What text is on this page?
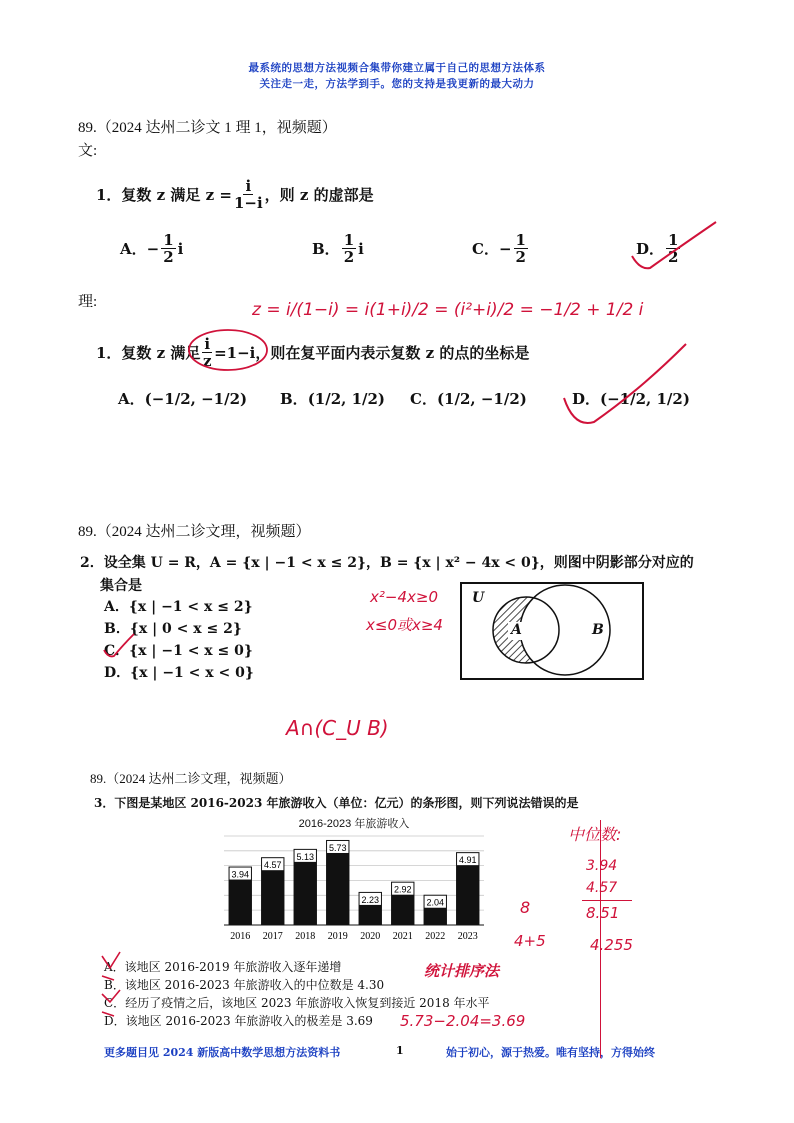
最系统的思想方法视频合集带你建立属于自己的思想方法体系
关注走一走，方法学到手。您的支持是我更新的最大动力
89.（2024 达州二诊文 1 理 1，视频题）
文:
1．复数 z 满足 $z = \frac{i}{1-i}$ ，则 z 的虚部是
A． − $\frac{1}{2}$ i	B． $\frac{1}{2}$ i	C． − $\frac{1}{2}$	D． $\frac{1}{2}$
理:	z = i/(1−i) = i(1+i)/2 = (i²+i)/2 = −1/2 + 1/2 i
1．复数 z 满足 $\frac{i}{z} =1-i$，则在复平面内表示复数 z 的点的坐标是
A．(−1/2, −1/2) B．(1/2, 1/2) C．(1/2, −1/2)	D．(−1/2, 1/2)
89.（2024 达州二诊文理，视频题）
2．设全集 U = R，A = {x | −1 < x ≤ 2}，B = {x | x² − 4x < 0}，则图中阴影部分对应的
集合是
A．{x | −1 < x ≤ 2}
B．{x | 0 < x ≤ 2}
C．{x | −1 < x ≤ 0}
D．{x | −1 < x < 0}
x²−4x≥0
x≤0或x≥4
A∩(C_U B)
U
A	B
89.（2024 达州二诊文理，视频题）
3．下图是某地区 2016-2023 年旅游收入（单位：亿元）的条形图，则下列说法错误的是
2016-2023 年旅游收入
3.94
2016
4.57
2017
5.13
2018
5.73
2019
2.23
2020
2.92
2021
2.04
2022
4.91
2023
中位数:
3.94
4.57
8.51
4.255
8
4+5
A．该地区 2016-2019 年旅游收入逐年递增
B．该地区 2016-2023 年旅游收入的中位数是 4.30
C．经历了疫情之后，该地区 2023 年旅游收入恢复到接近 2018 年水平
D．该地区 2016-2023 年旅游收入的极差是 3.69
统计排序法
5.73−2.04=3.69
更多题目见 2024 新版高中数学思想方法资料书	1	始于初心，源于热爱。唯有坚持，方得始终
